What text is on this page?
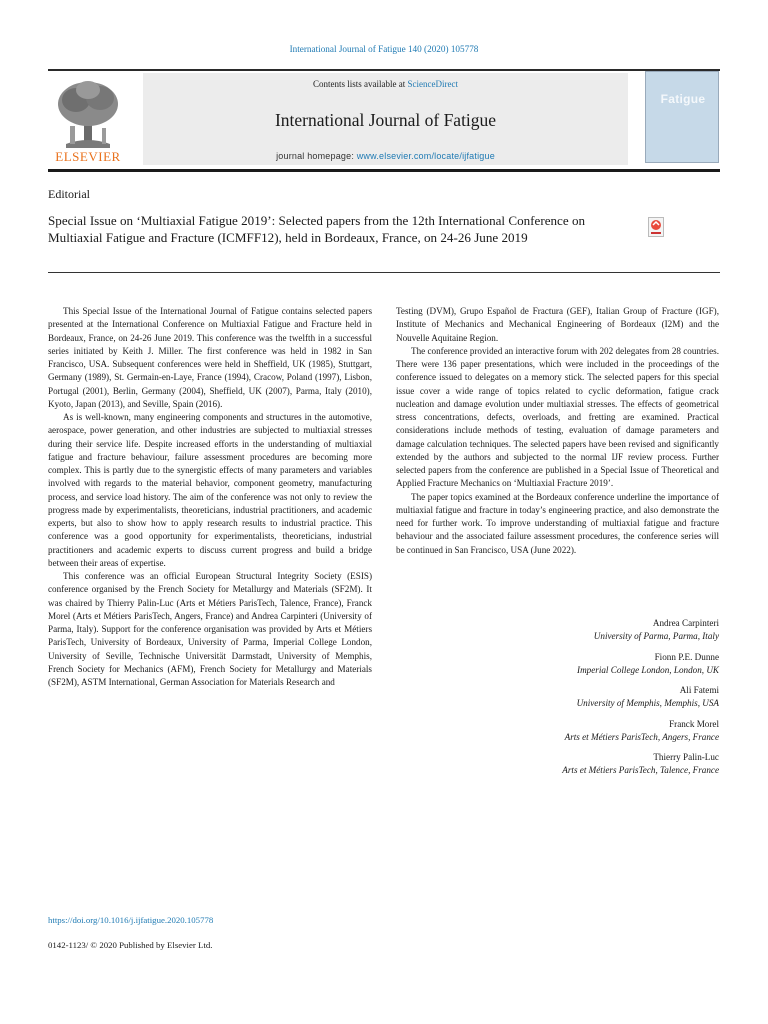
International Journal of Fatigue 140 (2020) 105778
ELSEVIER
Contents lists available at ScienceDirect
International Journal of Fatigue
journal homepage: www.elsevier.com/locate/ijfatigue
Fatigue
Editorial
Special Issue on ‘Multiaxial Fatigue 2019’: Selected papers from the 12th International Conference on Multiaxial Fatigue and Fracture (ICMFF12), held in Bordeaux, France, on 24-26 June 2019

This Special Issue of the International Journal of Fatigue contains selected papers presented at the International Conference on Multiaxial Fatigue and Fracture held in Bordeaux, France, on 24-26 June 2019. This conference was the twelfth in a successful series initiated by Keith J. Miller. The first conference was held in 1982 in San Francisco, USA. Subsequent conferences were held in Sheffield, UK (1985), Stuttgart, Germany (1989), St. Germain-en-Laye, France (1994), Cracow, Poland (1997), Lisbon, Portugal (2001), Berlin, Germany (2004), Sheffield, UK (2007), Parma, Italy (2010), Kyoto, Japan (2013), and Seville, Spain (2016).

As is well-known, many engineering components and structures in the automotive, aerospace, power generation, and other industries are subjected to multiaxial stresses during their service life. Despite increased efforts in the understanding of multiaxial fatigue and fracture behaviour, failure assessment procedures are becoming more complex. This is partly due to the synergistic effects of many parameters and variables involved with regards to the material behavior, component geometry, manufacturing process, and service load history. The aim of the conference was not only to review the progress made by experimentalists, theoreticians, industrial practitioners, and academic experts, but also to show how to apply research results to industrial practice. This conference was a good opportunity for experimentalists, theoreticians, industrial practitioners and academic experts to discuss current progress and build a bridge between their areas of expertise.

This conference was an official European Structural Integrity Society (ESIS) conference organised by the French Society for Metallurgy and Materials (SF2M). It was chaired by Thierry Palin-Luc (Arts et Métiers ParisTech, Talence, France), Franck Morel (Arts et Métiers ParisTech, Angers, France) and Andrea Carpinteri (University of Parma, Italy). Support for the conference organisation was provided by Arts et Métiers ParisTech, University of Bordeaux, University of Parma, Imperial College London, University of Seville, Technische Universität Darmstadt, University of Memphis, French Society for Mechanics (AFM), French Society for Metallurgy and Materials (SF2M), ASTM International, German Association for Materials Research and

Testing (DVM), Grupo Español de Fractura (GEF), Italian Group of Fracture (IGF), Institute of Mechanics and Mechanical Engineering of Bordeaux (I2M) and the Nouvelle Aquitaine Region.

The conference provided an interactive forum with 202 delegates from 28 countries. There were 136 paper presentations, which were included in the proceedings of the conference issued to delegates on a memory stick. The selected papers for this special issue cover a wide range of topics related to cyclic deformation, fatigue crack nucleation and damage evolution under multiaxial stresses. The effects of geometrical stress concentrations, defects, overloads, and fretting are examined. Practical considerations include methods of testing, evaluation of damage parameters and damage calculation techniques. The selected papers have been revised and significantly extended by the authors and subjected to the normal IJF review process. Further selected papers from the conference are published in a Special Issue of Theoretical and Applied Fracture Mechanics on ‘Multiaxial Fracture 2019’.

The paper topics examined at the Bordeaux conference underline the importance of multiaxial fatigue and fracture in today’s engineering practice, and also demonstrate the need for further work. To improve understanding of multiaxial fatigue and fracture behaviour and the associated failure assessment procedures, the conference series will be continued in San Francisco, USA (June 2022).

Andrea Carpinteri
University of Parma, Parma, Italy
Fionn P.E. Dunne
Imperial College London, London, UK
Ali Fatemi
University of Memphis, Memphis, USA
Franck Morel
Arts et Métiers ParisTech, Angers, France
Thierry Palin-Luc
Arts et Métiers ParisTech, Talence, France
https://doi.org/10.1016/j.ijfatigue.2020.105778
0142-1123/ © 2020 Published by Elsevier Ltd.
